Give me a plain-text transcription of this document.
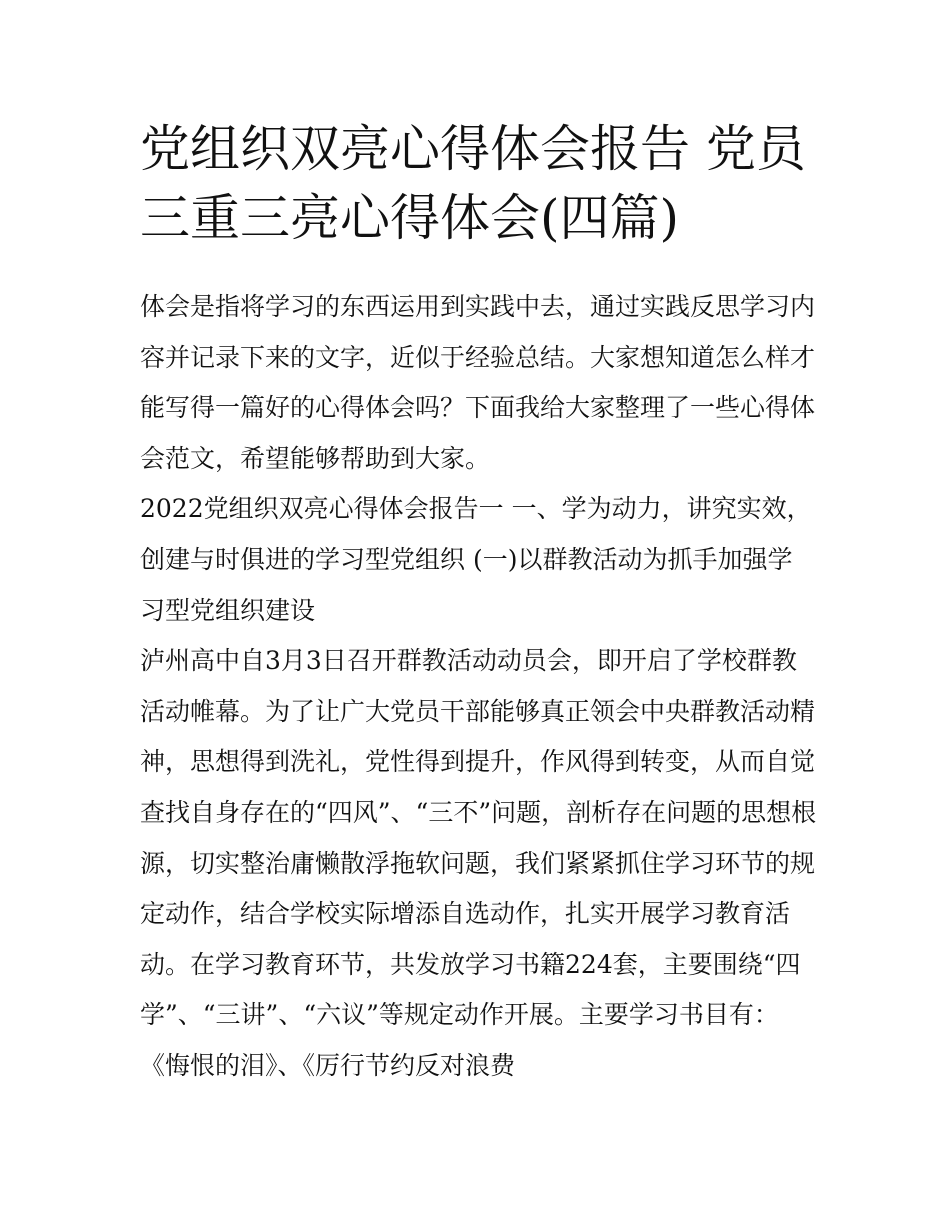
党组织双亮心得体会报告 党员
三重三亮心得体会(四篇)
体会是指将学习的东西运用到实践中去，通过实践反思学习内
容并记录下来的文字，近似于经验总结。大家想知道怎么样才
能写得一篇好的心得体会吗？下面我给大家整理了一些心得体
会范文，希望能够帮助到大家。
2022党组织双亮心得体会报告一 一、学为动力，讲究实效，
创建与时俱进的学习型党组织 (一)以群教活动为抓手加强学
习型党组织建设
泸州高中自3月3日召开群教活动动员会，即开启了学校群教
活动帷幕。为了让广大党员干部能够真正领会中央群教活动精
神，思想得到洗礼，党性得到提升，作风得到转变，从而自觉
查找自身存在的“四风”、“三不”问题，剖析存在问题的思想根
源，切实整治庸懒散浮拖软问题，我们紧紧抓住学习环节的规
定动作，结合学校实际增添自选动作，扎实开展学习教育活
动。在学习教育环节，共发放学习书籍224套，主要围绕“四
学”、“三讲”、“六议”等规定动作开展。主要学习书目有：
《悔恨的泪》、《厉行节约反对浪费
